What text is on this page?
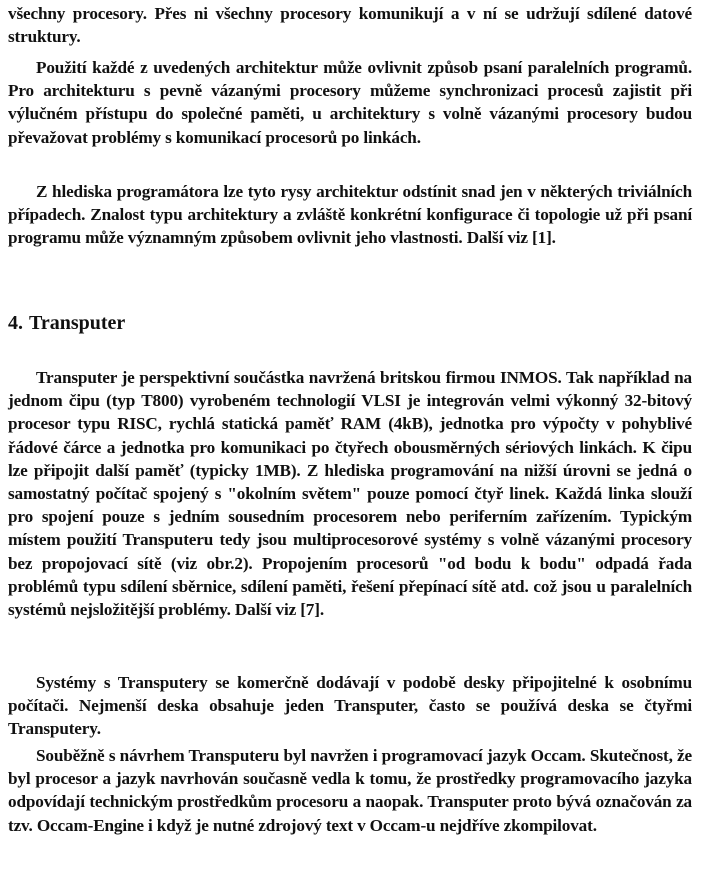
všechny procesory. Přes ni všechny procesory komunikují a v ní se udržují sdílené datové struktury.

Použití každé z uvedených architektur může ovlivnit způsob psaní paralelních programů. Pro architekturu s pevně vázanými procesory můžeme synchronizaci procesů zajistit při výlučném přístupu do společné paměti, u architektury s volně vázanými procesory budou převažovat problémy s komunikací procesorů po linkách.

Z hlediska programátora lze tyto rysy architektur odstínit snad jen v některých triviálních případech. Znalost typu architektury a zvláště konkrétní konfigurace či topologie už při psaní programu může významným způsobem ovlivnit jeho vlastnosti. Další viz [1].

4. Transputer

Transputer je perspektivní součástka navržená britskou firmou INMOS. Tak například na jednom čipu (typ T800) vyrobeném technologií VLSI je integrován velmi výkonný 32-bitový procesor typu RISC, rychlá statická paměť RAM (4kB), jednotka pro výpočty v pohyblivé řádové čárce a jednotka pro komunikaci po čtyřech obousměrných sériových linkách. K čipu lze připojit další paměť (typicky 1MB). Z hlediska programování na nižší úrovni se jedná o samostatný počítač spojený s "okolním světem" pouze pomocí čtyř linek. Každá linka slouží pro spojení pouze s jedním sousedním procesorem nebo periferním zařízením. Typickým místem použití Transputeru tedy jsou multiprocesorové systémy s volně vázanými procesory bez propojovací sítě (viz obr.2). Propojením procesorů "od bodu k bodu" odpadá řada problémů typu sdílení sběrnice, sdílení paměti, řešení přepínací sítě atd. což jsou u paralelních systémů nejsložitější problémy. Další viz [7].

Systémy s Transputery se komerčně dodávají v podobě desky připojitelné k osobnímu počítači. Nejmenší deska obsahuje jeden Transputer, často se používá deska se čtyřmi Transputery.

Souběžně s návrhem Transputeru byl navržen i programovací jazyk Occam. Skutečnost, že byl procesor a jazyk navrhován současně vedla k tomu, že prostředky programovacího jazyka odpovídají technickým prostředkům procesoru a naopak. Transputer proto bývá označován za tzv. Occam-Engine i když je nutné zdrojový text v Occam-u nejdříve zkompilovat.
